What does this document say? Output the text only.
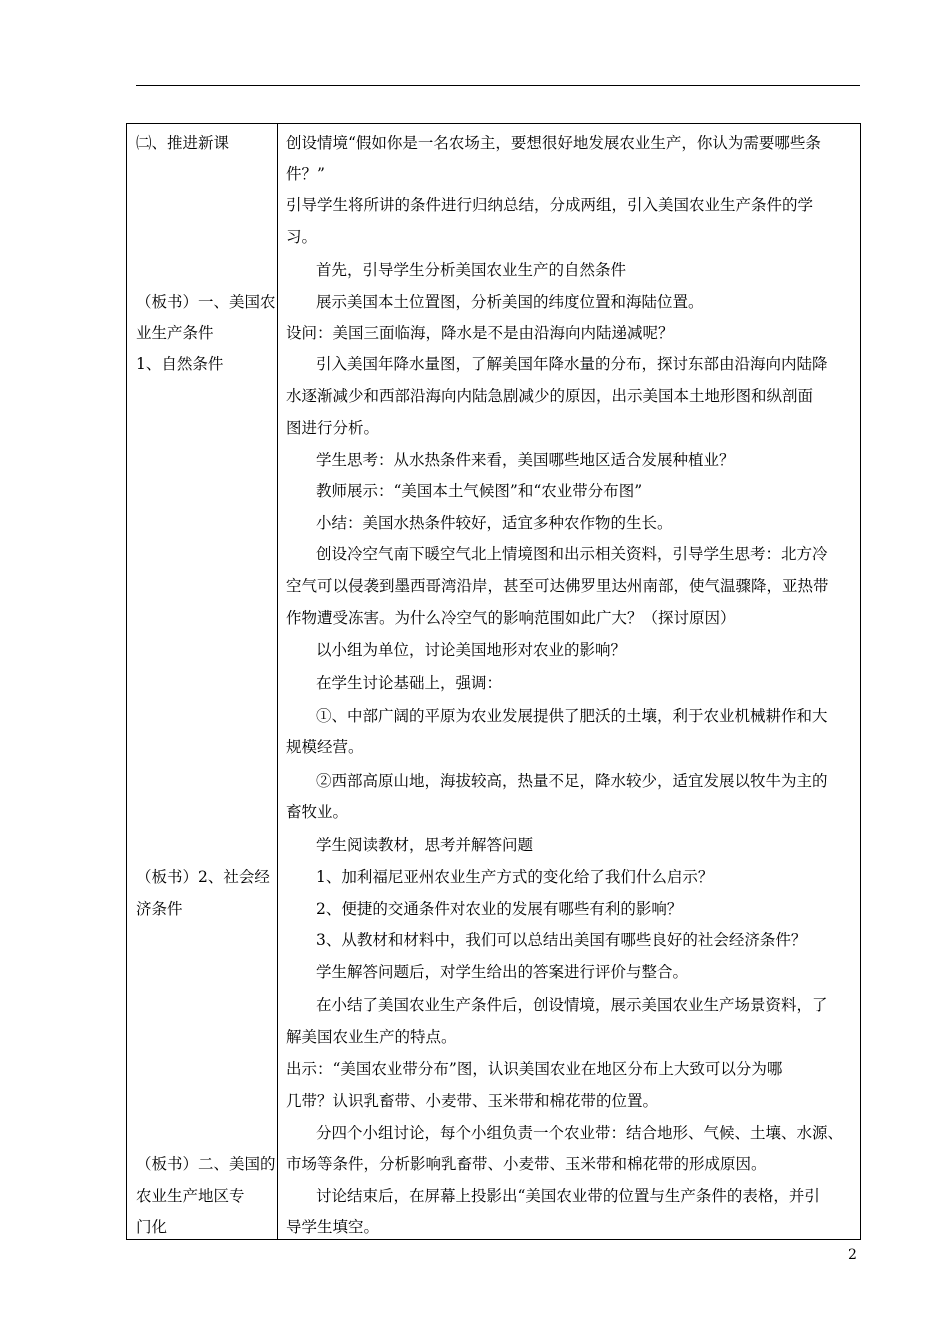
㈡、推进新课
（板书）一、美国农
业生产条件
1、自然条件
（板书）2、社会经
济条件
（板书）二、美国的
农业生产地区专
门化
创设情境“假如你是一名农场主，要想很好地发展农业生产，你认为需要哪些条
件？”
引导学生将所讲的条件进行归纳总结，分成两组，引入美国农业生产条件的学
习。
首先，引导学生分析美国农业生产的自然条件
展示美国本土位置图，分析美国的纬度位置和海陆位置。
设问：美国三面临海，降水是不是由沿海向内陆递减呢？
引入美国年降水量图，了解美国年降水量的分布，探讨东部由沿海向内陆降
水逐渐减少和西部沿海向内陆急剧减少的原因，出示美国本土地形图和纵剖面
图进行分析。
学生思考：从水热条件来看，美国哪些地区适合发展种植业？
教师展示：“美国本土气候图”和“农业带分布图”
小结：美国水热条件较好，适宜多种农作物的生长。
创设冷空气南下暖空气北上情境图和出示相关资料，引导学生思考：北方冷
空气可以侵袭到墨西哥湾沿岸，甚至可达佛罗里达州南部，使气温骤降，亚热带
作物遭受冻害。为什么冷空气的影响范围如此广大？（探讨原因）
以小组为单位，讨论美国地形对农业的影响？
在学生讨论基础上，强调：
①、中部广阔的平原为农业发展提供了肥沃的土壤，利于农业机械耕作和大
规模经营。
②西部高原山地，海拔较高，热量不足，降水较少，适宜发展以牧牛为主的
畜牧业。
学生阅读教材，思考并解答问题
1、加利福尼亚州农业生产方式的变化给了我们什么启示？
2、便捷的交通条件对农业的发展有哪些有利的影响？
3、从教材和材料中，我们可以总结出美国有哪些良好的社会经济条件？
学生解答问题后，对学生给出的答案进行评价与整合。
在小结了美国农业生产条件后，创设情境，展示美国农业生产场景资料，了
解美国农业生产的特点。
出示：“美国农业带分布”图，认识美国农业在地区分布上大致可以分为哪
几带？认识乳畜带、小麦带、玉米带和棉花带的位置。
分四个小组讨论，每个小组负责一个农业带：结合地形、气候、土壤、水源、
市场等条件，分析影响乳畜带、小麦带、玉米带和棉花带的形成原因。
讨论结束后，在屏幕上投影出“美国农业带的位置与生产条件的表格，并引
导学生填空。
2
